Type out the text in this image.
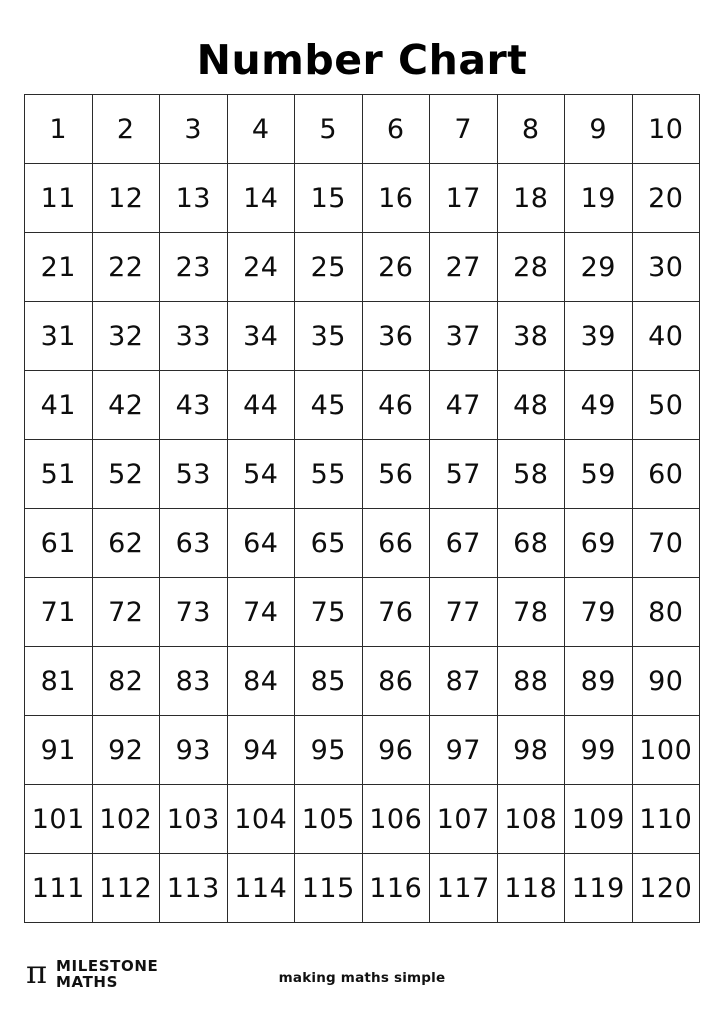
Number Chart
1	2	3	4	5	6	7	8	9	10
11	12	13	14	15	16	17	18	19	20
21	22	23	24	25	26	27	28	29	30
31	32	33	34	35	36	37	38	39	40
41	42	43	44	45	46	47	48	49	50
51	52	53	54	55	56	57	58	59	60
61	62	63	64	65	66	67	68	69	70
71	72	73	74	75	76	77	78	79	80
81	82	83	84	85	86	87	88	89	90
91	92	93	94	95	96	97	98	99	100
101	102	103	104	105	106	107	108	109	110
111	112	113	114	115	116	117	118	119	120
π MILESTONE
MATHS	making maths simple
